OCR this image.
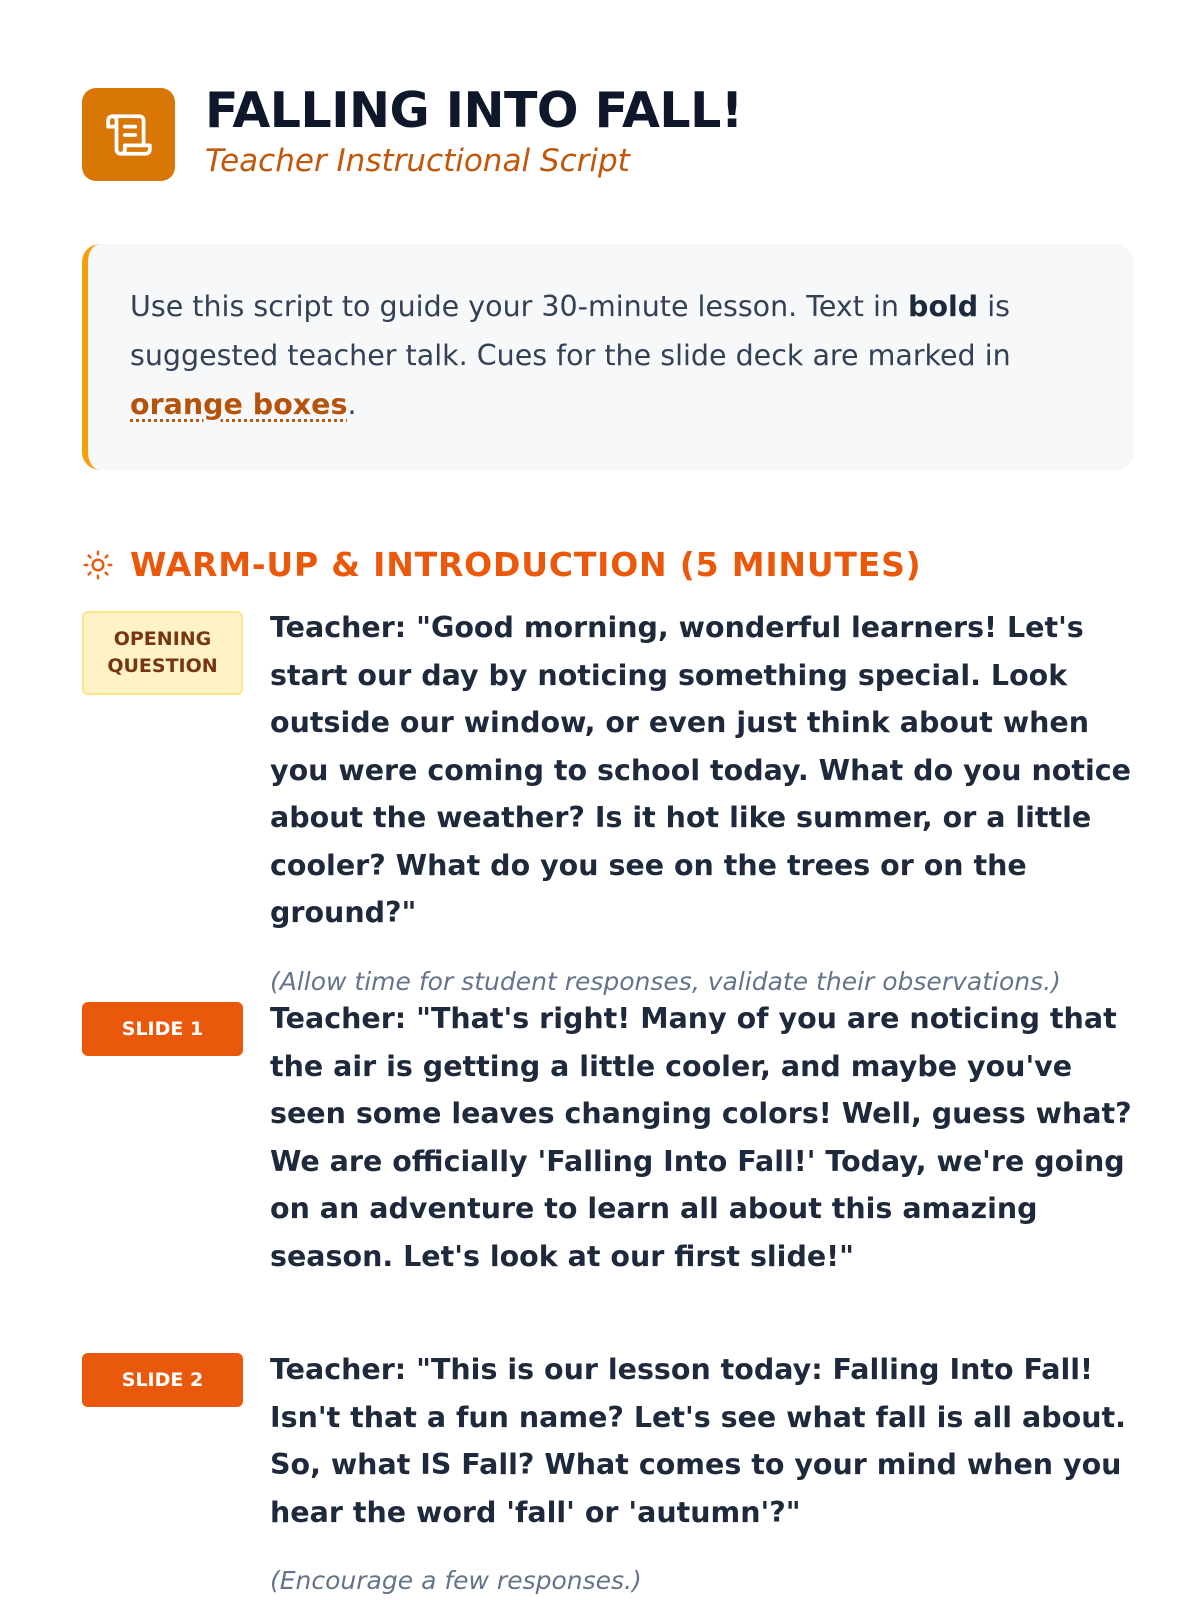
FALLING INTO FALL!
Teacher Instructional Script
Use this script to guide your 30-minute lesson. Text in bold is suggested teacher talk. Cues for the slide deck are marked in orange boxes.
WARM-UP & INTRODUCTION (5 MINUTES)
OPENING QUESTION

Teacher: "Good morning, wonderful learners! Let's start our day by noticing something special. Look outside our window, or even just think about when you were coming to school today. What do you notice about the weather? Is it hot like summer, or a little cooler? What do you see on the trees or on the ground?"

(Allow time for student responses, validate their observations.)
SLIDE 1	Teacher: "That's right! Many of you are noticing that the air is getting a little cooler, and maybe you've seen some leaves changing colors! Well, guess what? We are officially 'Falling Into Fall!' Today, we're going on an adventure to learn all about this amazing season. Let's look at our first slide!"

SLIDE 2	Teacher: "This is our lesson today: Falling Into Fall! Isn't that a fun name? Let's see what fall is all about. So, what IS Fall? What comes to your mind when you hear the word 'fall' or 'autumn'?"

(Encourage a few responses.)
